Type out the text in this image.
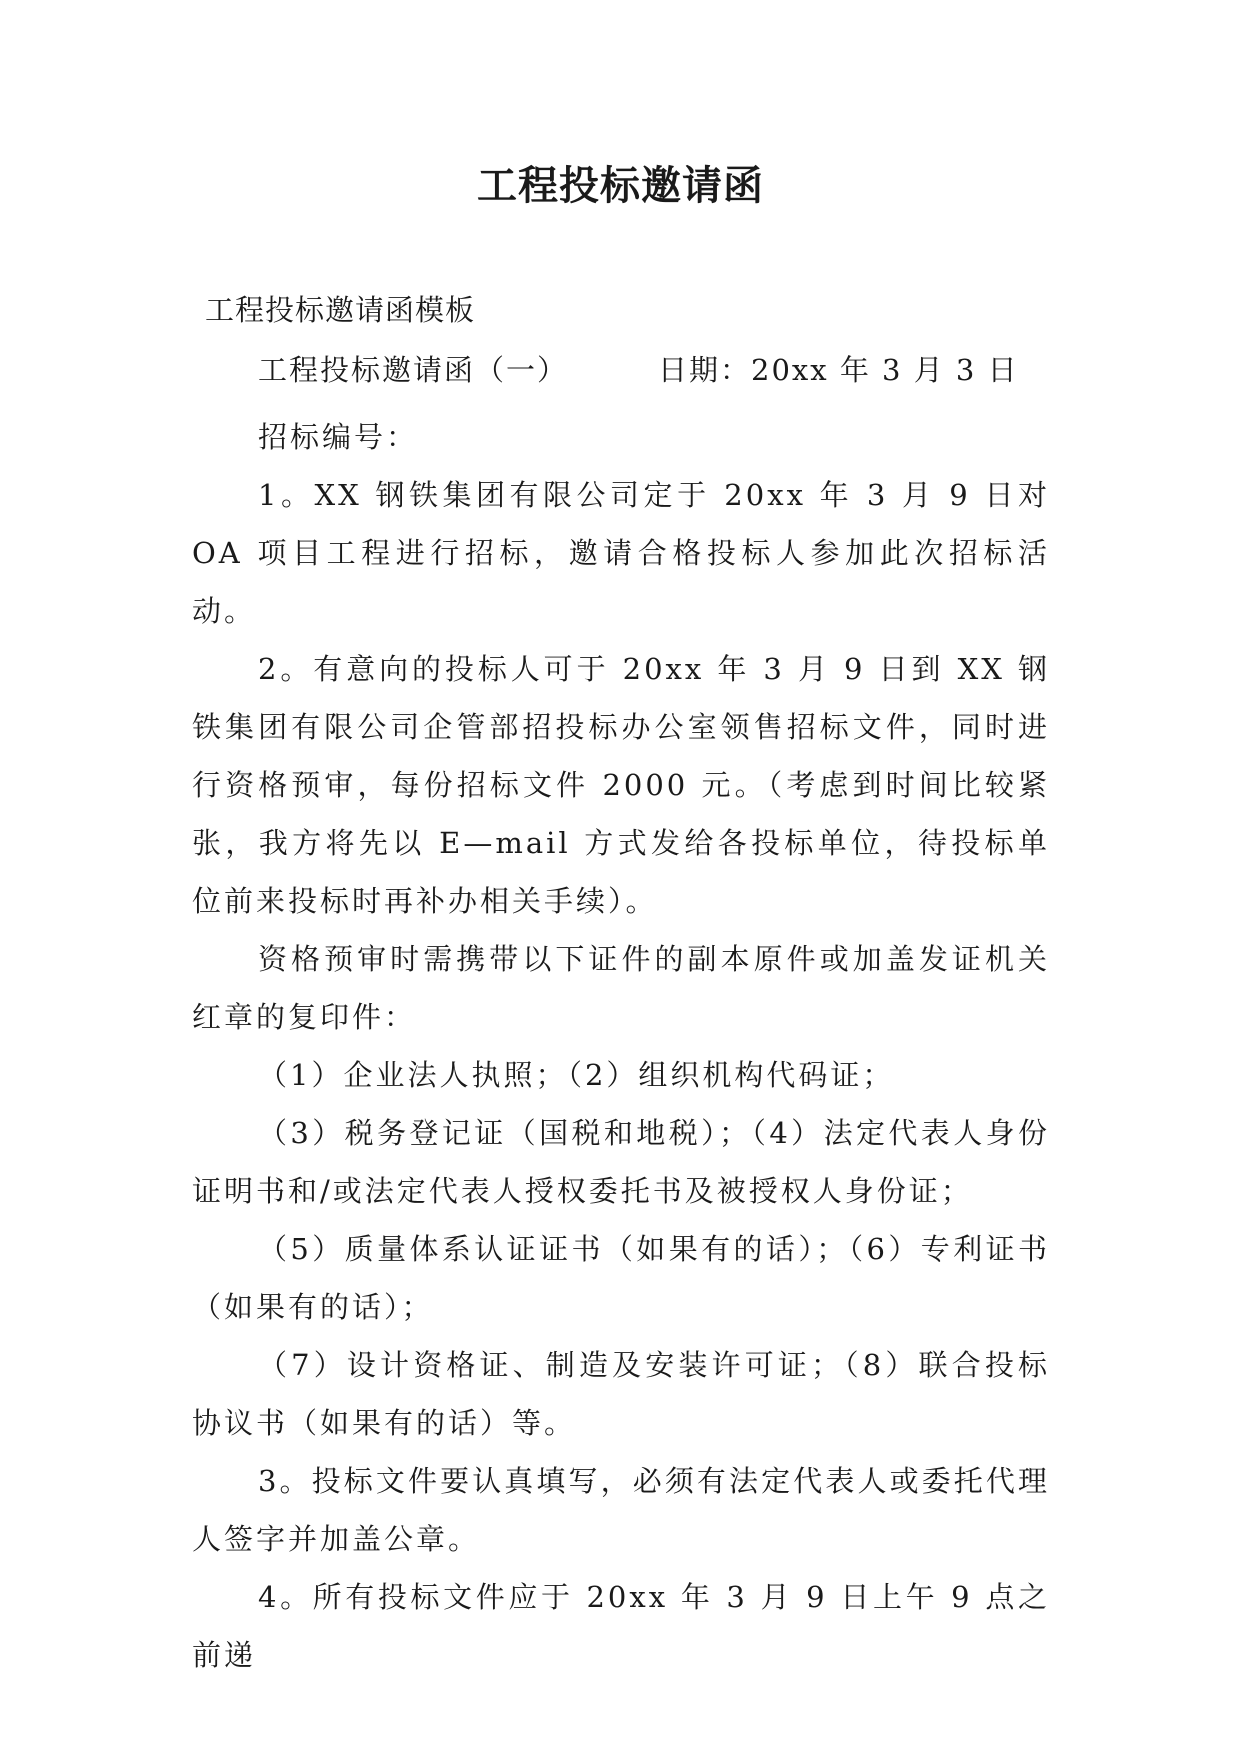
工程投标邀请函

工程投标邀请函模板

工程投标邀请函（一）	日期：20xx 年 3 月 3 日

招标编号：

1。XX 钢铁集团有限公司定于 20xx 年 3 月 9 日对 OA 项目工程进行招标，邀请合格投标人参加此次招标活动。

2。有意向的投标人可于 20xx 年 3 月 9 日到 XX 钢铁集团有限公司企管部招投标办公室领售招标文件，同时进行资格预审，每份招标文件 2000 元。（考虑到时间比较紧张，我方将先以 E—mail 方式发给各投标单位，待投标单位前来投标时再补办相关手续）。

资格预审时需携带以下证件的副本原件或加盖发证机关红章的复印件：

（1）企业法人执照；（2）组织机构代码证；

（3）税务登记证（国税和地税）；（4）法定代表人身份证明书和/或法定代表人授权委托书及被授权人身份证；

（5）质量体系认证证书（如果有的话）；（6）专利证书（如果有的话）；

（7）设计资格证、制造及安装许可证；（8）联合投标协议书（如果有的话）等。

3。投标文件要认真填写，必须有法定代表人或委托代理人签字并加盖公章。

4。所有投标文件应于 20xx 年 3 月 9 日上午 9 点之前递
